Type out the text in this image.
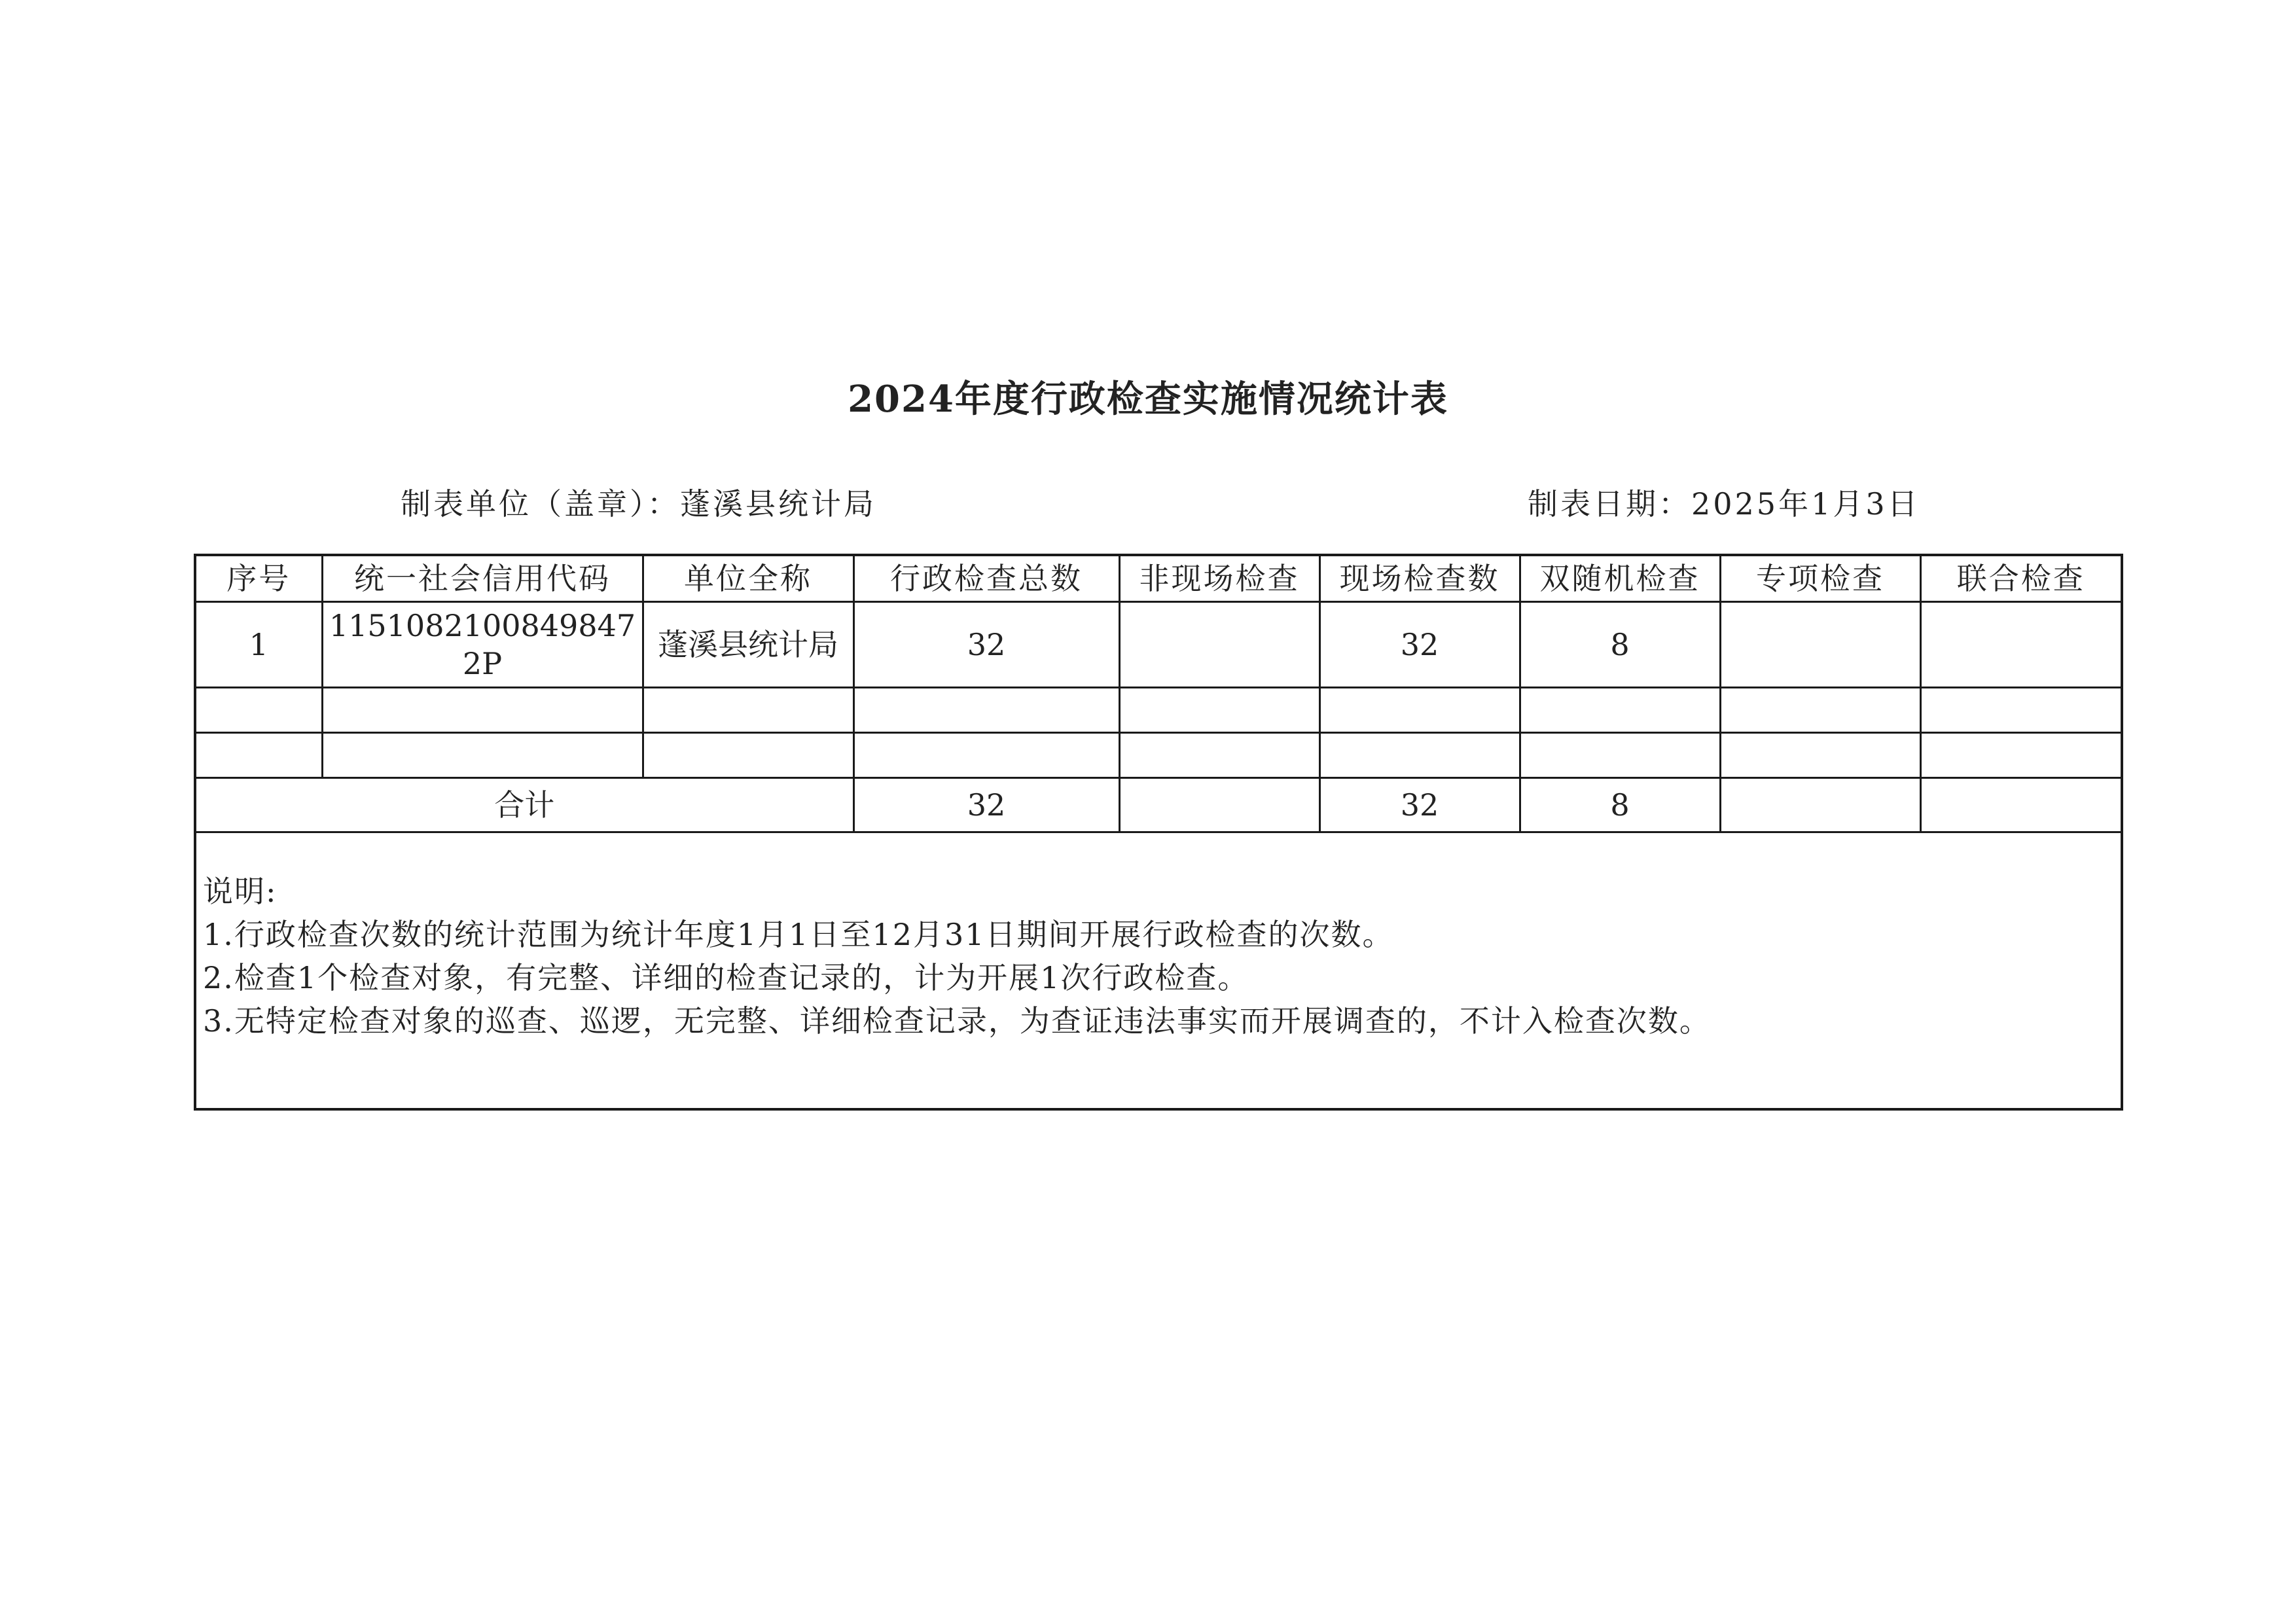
2024年度行政检查实施情况统计表
制表单位（盖章）：蓬溪县统计局	制表日期：2025年1月3日
序号	统一社会信用代码	单位全称	行政检查总数	非现场检查	现场检查数	双随机检查	专项检查	联合检查
1	11510821008498472P	蓬溪县统计局	32		32	8		

合计			32		32	8		

说明:
1.行政检查次数的统计范围为统计年度1月1日至12月31日期间开展行政检查的次数。
2.检查1个检查对象，有完整、详细的检查记录的，计为开展1次行政检查。
3.无特定检查对象的巡查、巡逻，无完整、详细检查记录，为查证违法事实而开展调查的，不计入检查次数。								
